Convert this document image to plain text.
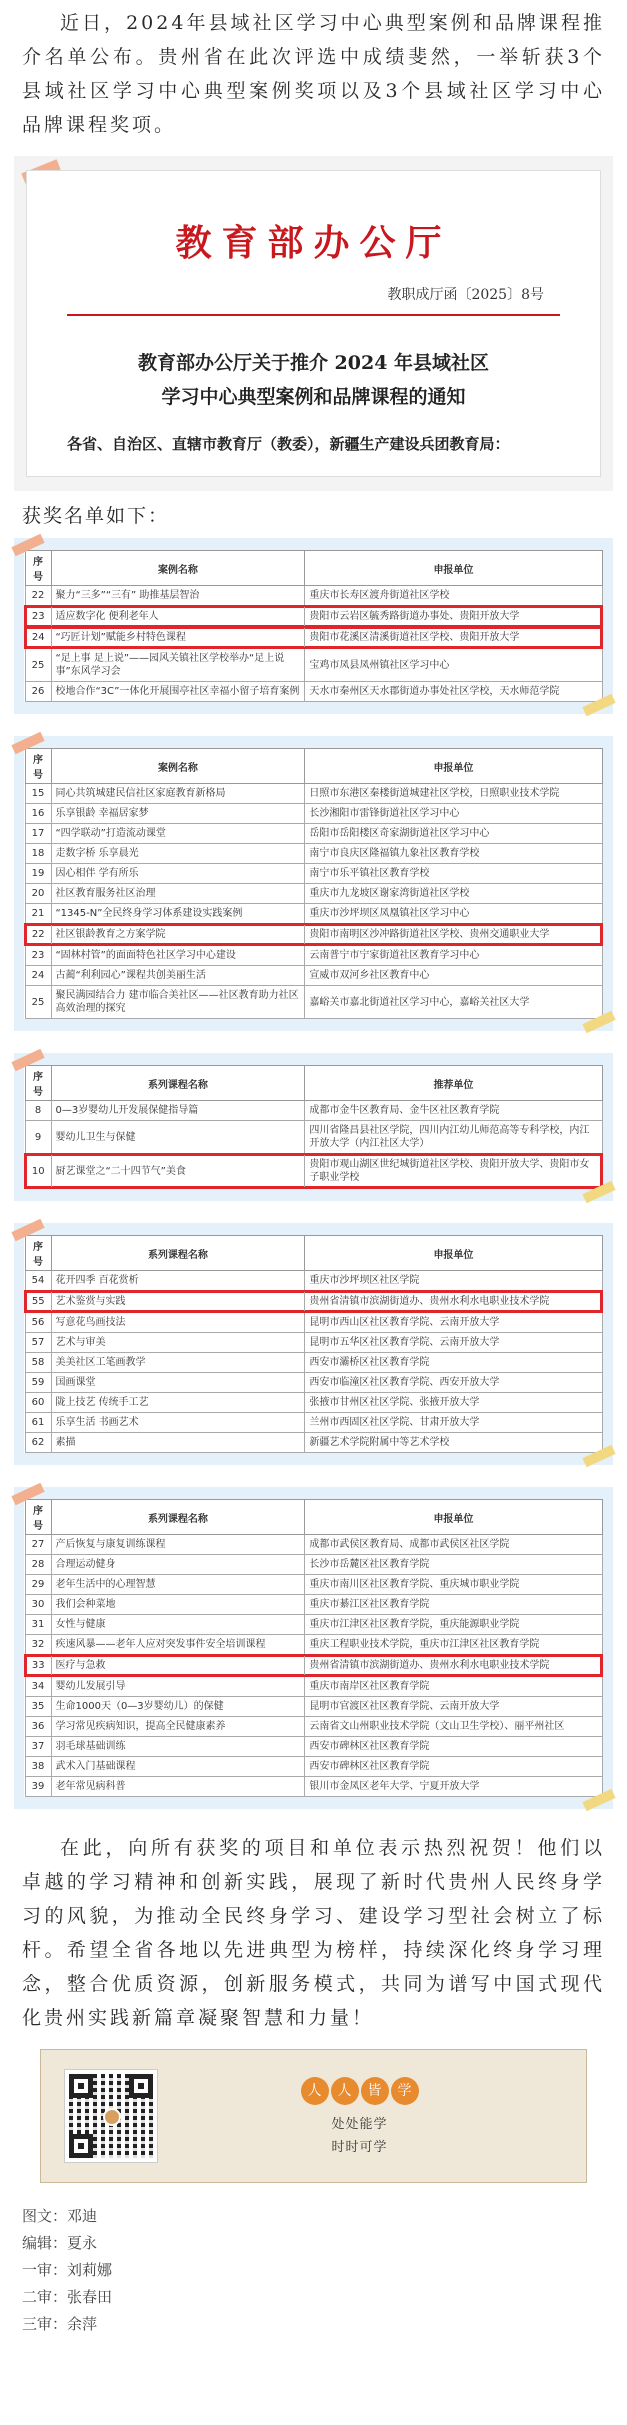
近日，2024年县域社区学习中心典型案例和品牌课程推介名单公布。贵州省在此次评选中成绩斐然，一举斩获3个县域社区学习中心典型案例奖项以及3个县域社区学习中心品牌课程奖项。

教育部办公厅
教职成厅函〔2025〕8号
教育部办公厅关于推介 2024 年县域社区
学习中心典型案例和品牌课程的通知
各省、自治区、直辖市教育厅（教委），新疆生产建设兵团教育局：
获奖名单如下：
序号	案例名称	申报单位
22	聚力“三多”“三有” 助推基层智治	重庆市长寿区渡舟街道社区学校
23	适应数字化 便利老年人	贵阳市云岩区毓秀路街道办事处、贵阳开放大学
24	“巧匠计划”赋能乡村特色课程	贵阳市花溪区清溪街道社区学校、贵阳开放大学
25	“足上事 足上说”——园风关镇社区学校举办“足上说事”东风学习会	宝鸡市凤县凤州镇社区学习中心
26	校地合作“3C”一体化开展围亭社区幸福小留子培育案例	天水市秦州区天水郡街道办事处社区学校，天水师范学院
序号	案例名称	申报单位
15	同心共筑城建民信社区家庭教育新格局	日照市东港区秦楼街道城建社区学校，日照职业技术学院
16	乐享银龄 幸福居家梦	长沙湘阳市雷锋街道社区学习中心
17	“四学联动”打造流动课堂	岳阳市岳阳楼区奇家湖街道社区学习中心
18	走数字桥 乐享晨光	南宁市良庆区隆福镇九象社区教育学校
19	因心相伴 学有所乐	南宁市乐平镇社区教育学校
20	社区教育服务社区治理	重庆市九龙坡区谢家湾街道社区学校
21	“1345-N”全民终身学习体系建设实践案例	重庆市沙坪坝区凤凰镇社区学习中心
22	社区银龄教育之方案学院	贵阳市南明区沙冲路街道社区学校、贵州交通职业大学
23	“固林村管”的面面特色社区学习中心建设	云南普宁市宁家街道社区教育学习中心
24	古蔺“利利园心”课程共创美丽生活	宣威市双河乡社区教育中心
25	聚民满园结合力 建市临合美社区——社区教育助力社区高效治理的探究	嘉峪关市嘉北街道社区学习中心，嘉峪关社区大学
序号	系列课程名称	推荐单位
8	0—3岁婴幼儿开发展保健指导篇	成都市金牛区教育局、金牛区社区教育学院
9	婴幼儿卫生与保健	四川省隆昌县社区学院，四川内江幼儿师范高等专科学校，内江开放大学（内江社区大学）
10	厨艺课堂之“二十四节气”美食	贵阳市观山湖区世纪城街道社区学校、贵阳开放大学、贵阳市女子职业学校
序号	系列课程名称	申报单位
54	花开四季 百花赏析	重庆市沙坪坝区社区学院
55	艺术鉴赏与实践	贵州省清镇市滨湖街道办、贵州水利水电职业技术学院
56	写意花鸟画技法	昆明市西山区社区教育学院、云南开放大学
57	艺术与审美	昆明市五华区社区教育学院、云南开放大学
58	美美社区工笔画教学	西安市灞桥区社区教育学院
59	国画课堂	西安市临潼区社区教育学院、西安开放大学
60	陇上技艺 传统手工艺	张掖市甘州区社区学院、张掖开放大学
61	乐享生活 书画艺术	兰州市西固区社区学院、甘肃开放大学
62	素描	新疆艺术学院附属中等艺术学校
序号	系列课程名称	申报单位
27	产后恢复与康复训练课程	成都市武侯区教育局、成都市武侯区社区学院
28	合理运动健身	长沙市岳麓区社区教育学院
29	老年生活中的心理智慧	重庆市南川区社区教育学院、重庆城市职业学院
30	我们会种菜地	重庆市綦江区社区教育学院
31	女性与健康	重庆市江津区社区教育学院，重庆能源职业学院
32	疾速风暴——老年人应对突发事件安全培训课程	重庆工程职业技术学院，重庆市江津区社区教育学院
33	医疗与急救	贵州省清镇市滨湖街道办、贵州水利水电职业技术学院
34	婴幼儿发展引导	重庆市南岸区社区教育学院
35	生命1000天（0—3岁婴幼儿）的保健	昆明市官渡区社区教育学院、云南开放大学
36	学习常见疾病知识，提高全民健康素养	云南省文山州职业技术学院（文山卫生学校）、丽平州社区
37	羽毛球基础训练	西安市碑林区社区教育学院
38	武术入门基础课程	西安市碑林区社区教育学院
39	老年常见病科普	银川市金凤区老年大学、宁夏开放大学

在此，向所有获奖的项目和单位表示热烈祝贺！他们以卓越的学习精神和创新实践，展现了新时代贵州人民终身学习的风貌，为推动全民终身学习、建设学习型社会树立了标杆。希望全省各地以先进典型为榜样，持续深化终身学习理念，整合优质资源，创新服务模式，共同为谱写中国式现代化贵州实践新篇章凝聚智慧和力量！

人	人	皆	学
处处能学
时时可学
图文：邓迪
编辑：夏永
一审：刘莉娜
二审：张春田
三审：余萍
